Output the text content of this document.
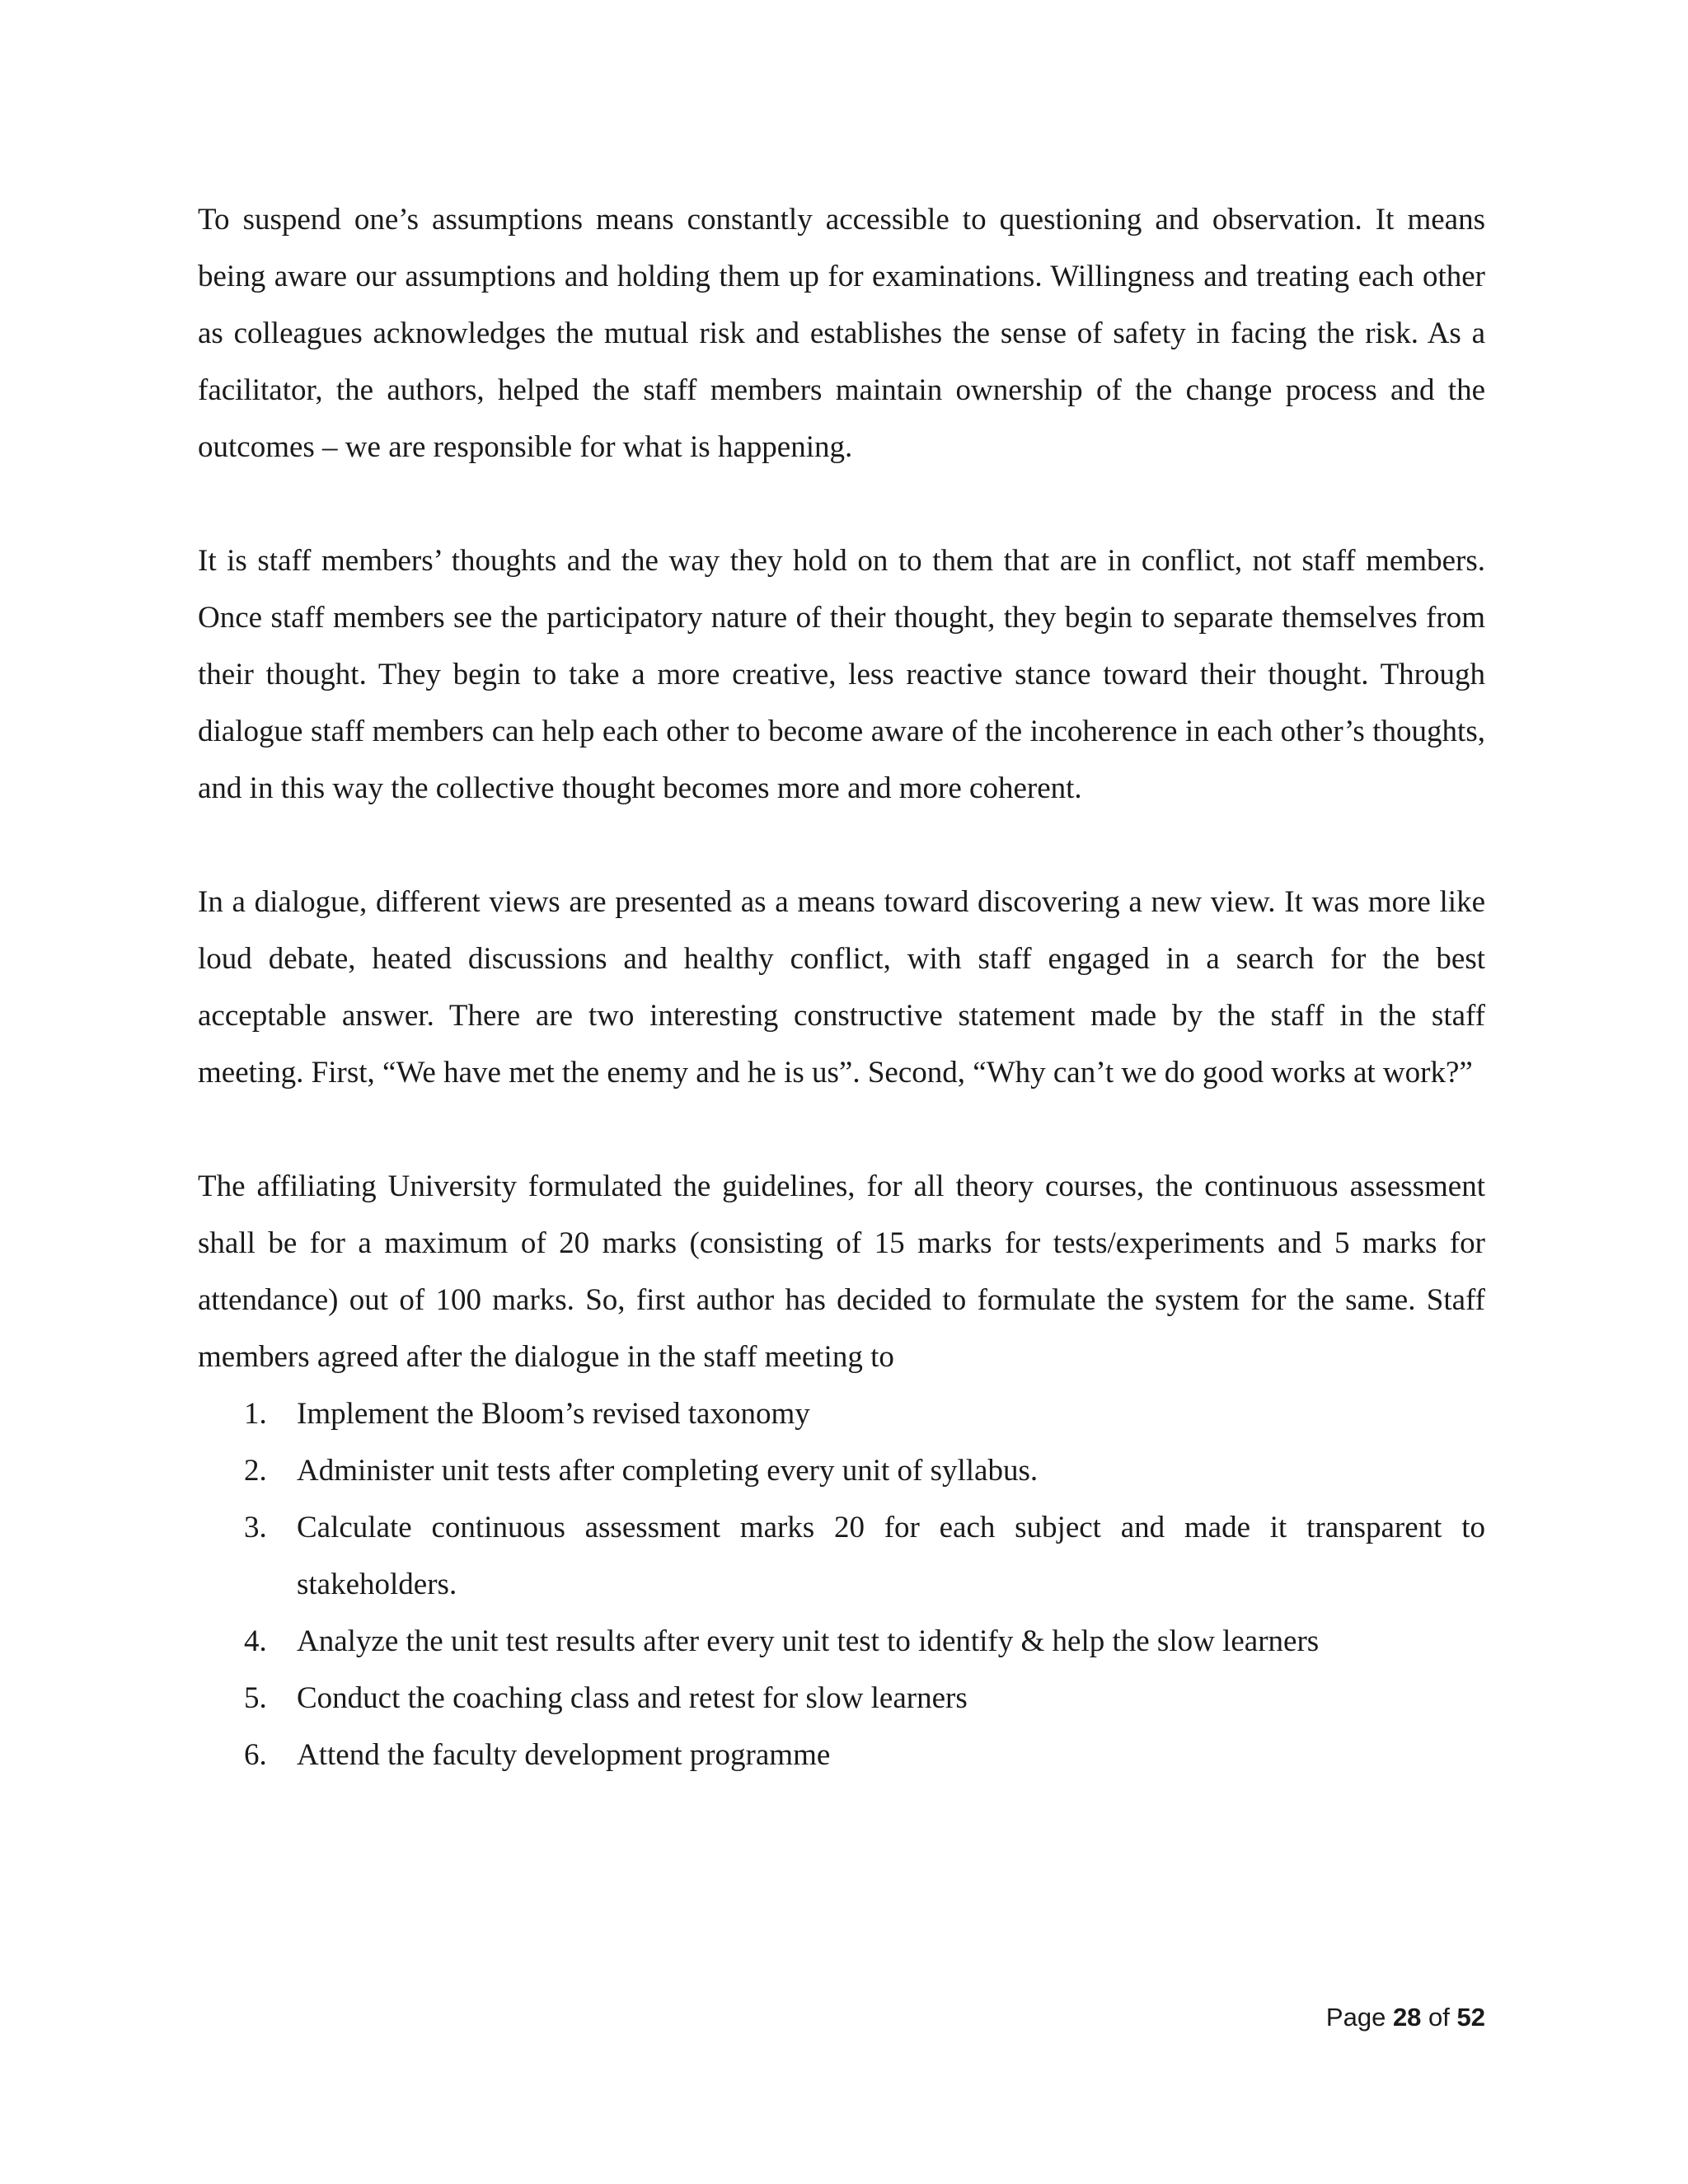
To suspend one’s assumptions means constantly accessible to questioning and observation. It means being aware our assumptions and holding them up for examinations. Willingness and treating each other as colleagues acknowledges the mutual risk and establishes the sense of safety in facing the risk. As a facilitator, the authors, helped the staff members maintain ownership of the change process and the outcomes – we are responsible for what is happening.

It is staff members’ thoughts and the way they hold on to them that are in conflict, not staff members. Once staff members see the participatory nature of their thought, they begin to separate themselves from their thought. They begin to take a more creative, less reactive stance toward their thought. Through dialogue staff members can help each other to become aware of the incoherence in each other’s thoughts, and in this way the collective thought becomes more and more coherent.

In a dialogue, different views are presented as a means toward discovering a new view. It was more like loud debate, heated discussions and healthy conflict, with staff engaged in a search for the best acceptable answer. There are two interesting constructive statement made by the staff in the staff meeting. First, “We have met the enemy and he is us”. Second, “Why can’t we do good works at work?”

The affiliating University formulated the guidelines, for all theory courses, the continuous assessment shall be for a maximum of 20 marks (consisting of 15 marks for tests/experiments and 5 marks for attendance) out of 100 marks. So, first author has decided to formulate the system for the same. Staff members agreed after the dialogue in the staff meeting to

1. Implement the Bloom’s revised taxonomy
2. Administer unit tests after completing every unit of syllabus.
3. Calculate continuous assessment marks 20 for each subject and made it transparent to stakeholders.
4. Analyze the unit test results after every unit test to identify & help the slow learners
5. Conduct the coaching class and retest for slow learners
6. Attend the faculty development programme
Page 28 of 52
